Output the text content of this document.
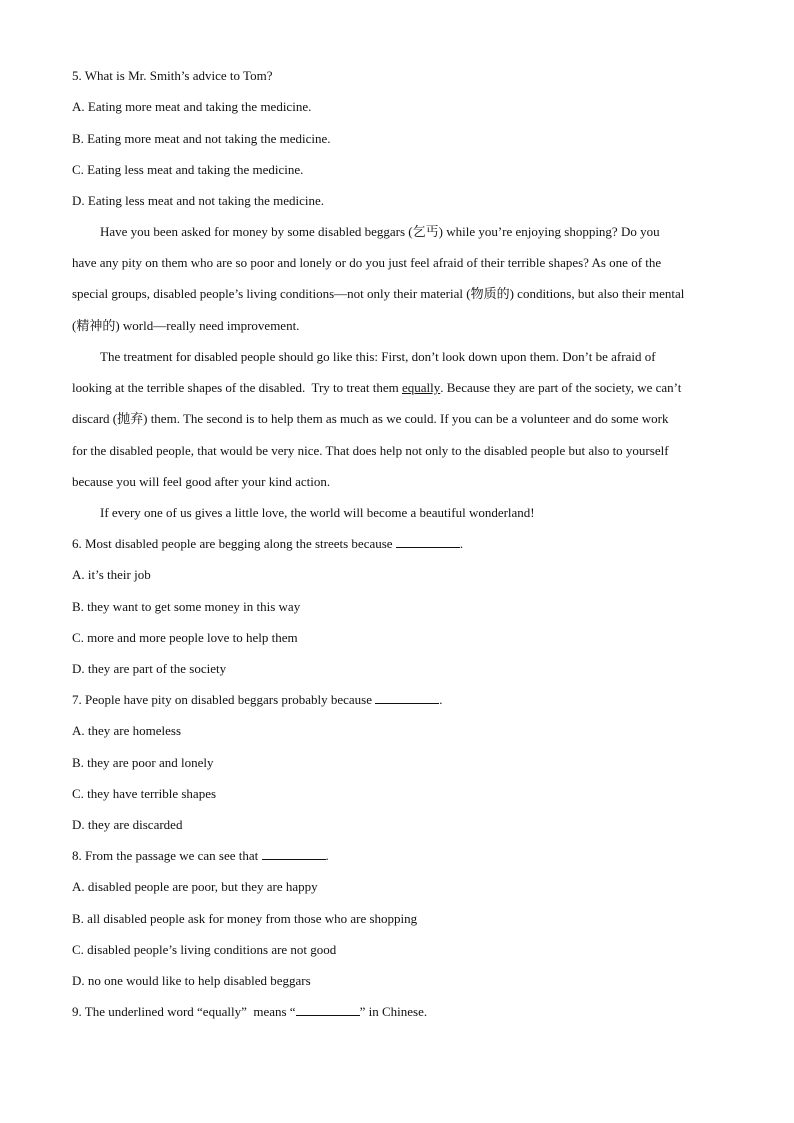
5. What is Mr. Smith’s advice to Tom?
A. Eating more meat and taking the medicine.
B. Eating more meat and not taking the medicine.
C. Eating less meat and taking the medicine.
D. Eating less meat and not taking the medicine.
Have you been asked for money by some disabled beggars (乞丐) while you’re enjoying shopping? Do you
have any pity on them who are so poor and lonely or do you just feel afraid of their terrible shapes? As one of the
special groups, disabled people’s living conditions—not only their material (物质的) conditions, but also their mental
(精神的) world—really need improvement.
The treatment for disabled people should go like this: First, don’t look down upon them. Don’t be afraid of
looking at the terrible shapes of the disabled.  Try to treat them equally . Because they are part of the society, we can’t
discard (抛弃) them. The second is to help them as much as we could. If you can be a volunteer and do some work
for the disabled people, that would be very nice. That does help not only to the disabled people but also to yourself
because you will feel good after your kind action.
If every one of us gives a little love, the world will become a beautiful wonderland!
6. Most disabled people are begging along the streets because	.
A. it’s their job
B. they want to get some money in this way
C. more and more people love to help them
D. they are part of the society
7. People have pity on disabled beggars probably because	.
A. they are homeless
B. they are poor and lonely
C. they have terrible shapes
D. they are discarded
8. From the passage we can see that	.
A. disabled people are poor, but they are happy
B. all disabled people ask for money from those who are shopping
C. disabled people’s living conditions are not good
D. no one would like to help disabled beggars
9. The underlined word “equally”  means “	” in Chinese.
